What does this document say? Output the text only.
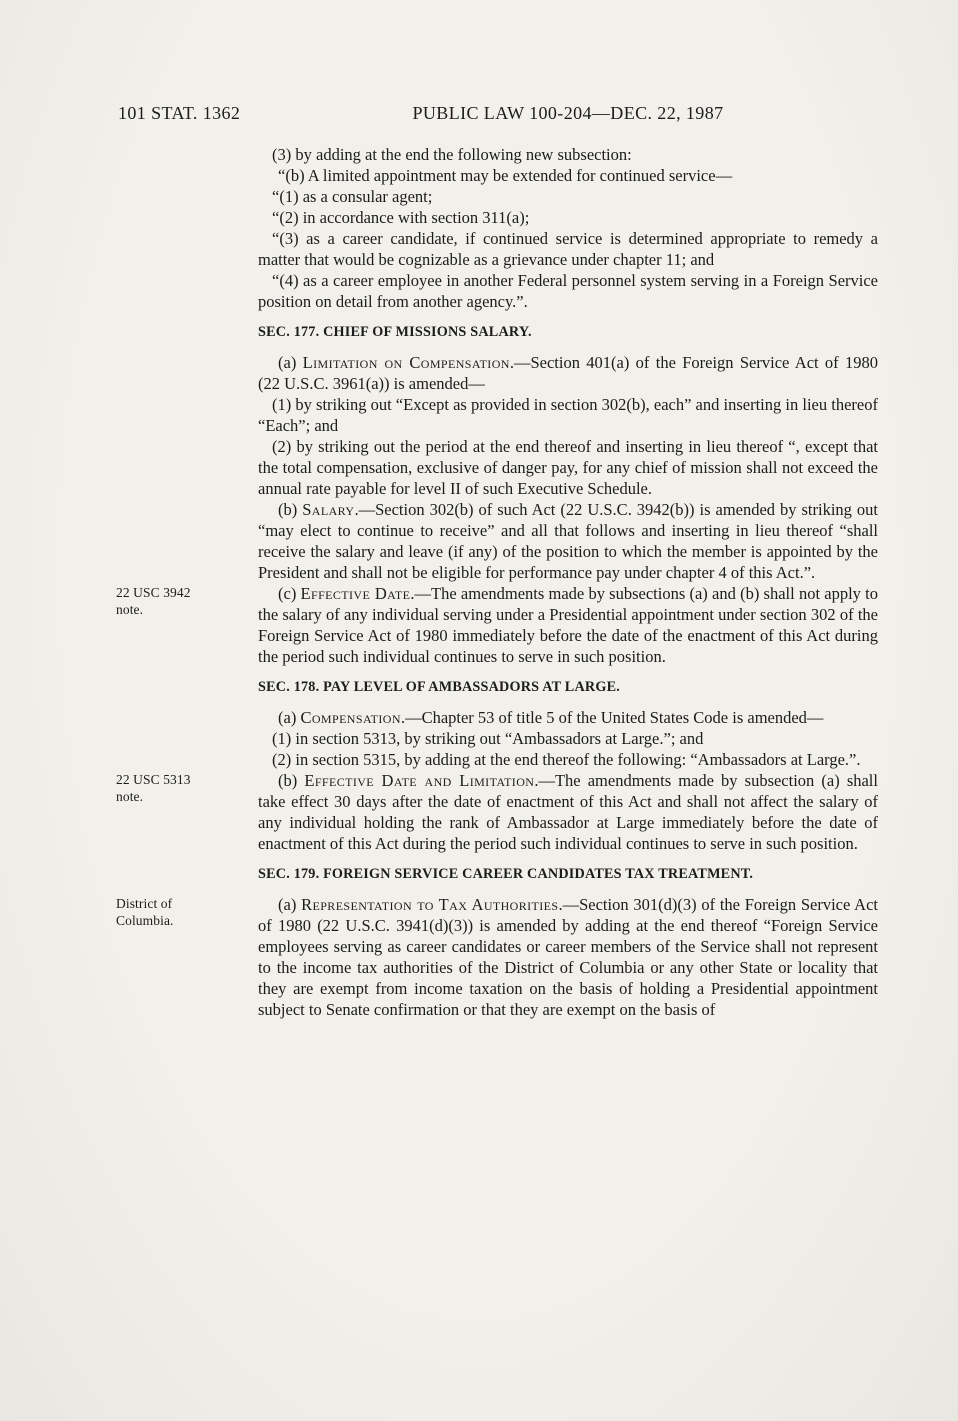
101 STAT. 1362	PUBLIC LAW 100-204—DEC. 22, 1987

(3) by adding at the end the following new subsection:

“(b) A limited appointment may be extended for continued service—

“(1) as a consular agent;

“(2) in accordance with section 311(a);

“(3) as a career candidate, if continued service is determined appropriate to remedy a matter that would be cognizable as a grievance under chapter 11; and

“(4) as a career employee in another Federal personnel system serving in a Foreign Service position on detail from another agency.”.

SEC. 177. CHIEF OF MISSIONS SALARY.

(a) Limitation on Compensation.—Section 401(a) of the Foreign Service Act of 1980 (22 U.S.C. 3961(a)) is amended—

(1) by striking out “Except as provided in section 302(b), each” and inserting in lieu thereof “Each”; and

(2) by striking out the period at the end thereof and inserting in lieu thereof “, except that the total compensation, exclusive of danger pay, for any chief of mission shall not exceed the annual rate payable for level II of such Executive Schedule.

(b) Salary.—Section 302(b) of such Act (22 U.S.C. 3942(b)) is amended by striking out “may elect to continue to receive” and all that follows and inserting in lieu thereof “shall receive the salary and leave (if any) of the position to which the member is appointed by the President and shall not be eligible for performance pay under chapter 4 of this Act.”.

(c) Effective Date.—The amendments made by subsections (a) and (b) shall not apply to the salary of any individual serving under a Presidential appointment under section 302 of the Foreign Service Act of 1980 immediately before the date of the enactment of this Act during the period such individual continues to serve in such position.
22 USC 3942 note.

SEC. 178. PAY LEVEL OF AMBASSADORS AT LARGE.

(a) Compensation.—Chapter 53 of title 5 of the United States Code is amended—

(1) in section 5313, by striking out “Ambassadors at Large.”; and

(2) in section 5315, by adding at the end thereof the following: “Ambassadors at Large.”.

(b) Effective Date and Limitation.—The amendments made by subsection (a) shall take effect 30 days after the date of enactment of this Act and shall not affect the salary of any individual holding the rank of Ambassador at Large immediately before the date of enactment of this Act during the period such individual continues to serve in such position.
22 USC 5313 note.

SEC. 179. FOREIGN SERVICE CAREER CANDIDATES TAX TREATMENT.

(a) Representation to Tax Authorities.—Section 301(d)(3) of the Foreign Service Act of 1980 (22 U.S.C. 3941(d)(3)) is amended by adding at the end thereof “Foreign Service employees serving as career candidates or career members of the Service shall not represent to the income tax authorities of the District of Columbia or any other State or locality that they are exempt from income taxation on the basis of holding a Presidential appointment subject to Senate confirmation or that they are exempt on the basis of
District of Columbia.
